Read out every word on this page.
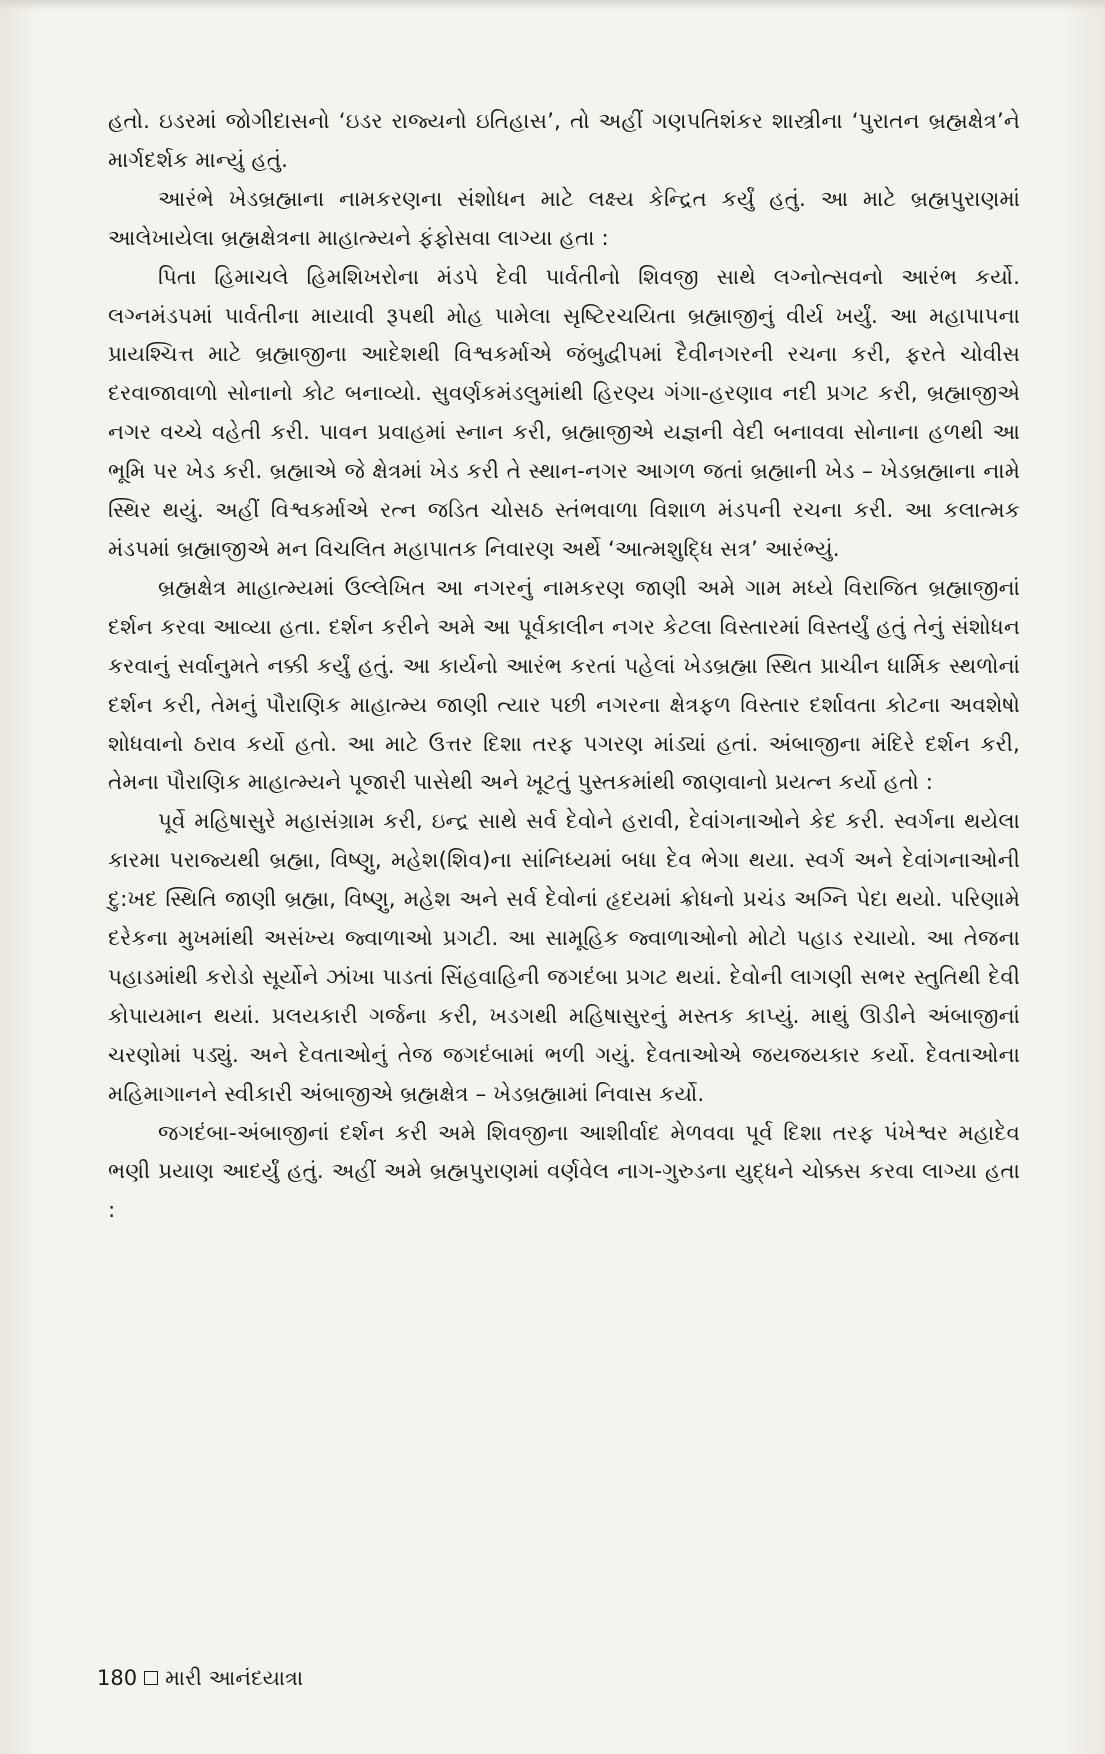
હતો. ઇડરમાં જોગીદાસનો ‘ઇડર રાજ્યનો ઇતિહાસ’, તો અહીં ગણપતિશંકર શાસ્ત્રીના ‘પુરાતન બ્રહ્મક્ષેત્ર’ને માર્ગદર્શક માન્યું હતું.

આરંભે ખેડબ્રહ્માના નામકરણના સંશોધન માટે લક્ષ્ય કેન્દ્રિત કર્યું હતું. આ માટે બ્રહ્મપુરાણમાં આલેખાયેલા બ્રહ્મક્ષેત્રના માહાત્મ્યને ફંફોસવા લાગ્યા હતા :

પિતા હિમાચલે હિમશિખરોના મંડપે દેવી પાર્વતીનો શિવજી સાથે લગ્નોત્સવનો આરંભ કર્યો. લગ્નમંડપમાં પાર્વતીના માયાવી રૂપથી મોહ પામેલા સૃષ્ટિરચયિતા બ્રહ્માજીનું વીર્ય ખર્યું. આ મહાપાપના પ્રાયશ્ચિત્ત માટે બ્રહ્માજીના આદેશથી વિશ્વકર્માએ જંબુદ્વીપમાં દૈવીનગરની રચના કરી, ફરતે ચોવીસ દરવાજાવાળો સોનાનો કોટ બનાવ્યો. સુવર્ણકમંડલુમાંથી હિરણ્ય ગંગા-હરણાવ નદી પ્રગટ કરી, બ્રહ્માજીએ નગર વચ્ચે વહેતી કરી. પાવન પ્રવાહમાં સ્નાન કરી, બ્રહ્માજીએ યજ્ઞની વેદી બનાવવા સોનાના હળથી આ ભૂમિ પર ખેડ કરી. બ્રહ્માએ જે ક્ષેત્રમાં ખેડ કરી તે સ્થાન-નગર આગળ જતાં બ્રહ્માની ખેડ – ખેડબ્રહ્માના નામે સ્થિર થયું. અહીં વિશ્વકર્માએ રત્ન જડિત ચોસઠ સ્તંભવાળા વિશાળ મંડપની રચના કરી. આ કલાત્મક મંડપમાં બ્રહ્માજીએ મન વિચલિત મહાપાતક નિવારણ અર્થે ‘આત્મશુદ્ધિ સત્ર’ આરંભ્યું.

બ્રહ્મક્ષેત્ર માહાત્મ્યમાં ઉલ્લેખિત આ નગરનું નામકરણ જાણી અમે ગામ મધ્યે વિરાજિત બ્રહ્માજીનાં દર્શન કરવા આવ્યા હતા. દર્શન કરીને અમે આ પૂર્વકાલીન નગર કેટલા વિસ્તારમાં વિસ્તર્યું હતું તેનું સંશોધન કરવાનું સર્વાનુમતે નક્કી કર્યું હતું. આ કાર્યનો આરંભ કરતાં પહેલાં ખેડબ્રહ્મા સ્થિત પ્રાચીન ધાર્મિક સ્થળોનાં દર્શન કરી, તેમનું પૌરાણિક માહાત્મ્ય જાણી ત્યાર પછી નગરના ક્ષેત્રફળ વિસ્તાર દર્શાવતા કોટના અવશેષો શોધવાનો ઠરાવ કર્યો હતો. આ માટે ઉત્તર દિશા તરફ પગરણ માંડ્યાં હતાં. અંબાજીના મંદિરે દર્શન કરી, તેમના પૌરાણિક માહાત્મ્યને પૂજારી પાસેથી અને ખૂટતું પુસ્તકમાંથી જાણવાનો પ્રયત્ન કર્યો હતો :

પૂર્વે મહિષાસુરે મહાસંગ્રામ કરી, ઇન્દ્ર સાથે સર્વ દેવોને હરાવી, દેવાંગનાઓને કેદ કરી. સ્વર્ગના થયેલા કારમા પરાજ્યથી બ્રહ્મા, વિષ્ણુ, મહેશ(શિવ)ના સાંનિધ્યમાં બધા દેવ ભેગા થયા. સ્વર્ગ અને દેવાંગનાઓની દુ:ખદ સ્થિતિ જાણી બ્રહ્મા, વિષ્ણુ, મહેશ અને સર્વ દેવોનાં હૃદયમાં ક્રોધનો પ્રચંડ અગ્નિ પેદા થયો. પરિણામે દરેકના મુખમાંથી અસંખ્ય જ્વાળાઓ પ્રગટી. આ સામૂહિક જ્વાળાઓનો મોટો પહાડ રચાયો. આ તેજના પહાડમાંથી કરોડો સૂર્યોને ઝાંખા પાડતાં સિંહવાહિની જગદંબા પ્રગટ થયાં. દેવોની લાગણી સભર સ્તુતિથી દેવી કોપાયમાન થયાં. પ્રલયકારી ગર્જના કરી, ખડગથી મહિષાસુરનું મસ્તક કાપ્યું. માથું ઊડીને અંબાજીનાં ચરણોમાં પડ્યું. અને દેવતાઓનું તેજ જગદંબામાં ભળી ગયું. દેવતાઓએ જયજયકાર કર્યો. દેવતાઓના મહિમાગાનને સ્વીકારી અંબાજીએ બ્રહ્મક્ષેત્ર – ખેડબ્રહ્મામાં નિવાસ કર્યો.

જગદંબા-અંબાજીનાં દર્શન કરી અમે શિવજીના આશીર્વાદ મેળવવા પૂર્વ દિશા તરફ પંખેશ્વર મહાદેવ ભણી પ્રયાણ આદર્યું હતું. અહીં અમે બ્રહ્મપુરાણમાં વર્ણવેલ નાગ-ગુરુડના યુદ્ધને ચોક્કસ કરવા લાગ્યા હતા :

180 મારી આનંદયાત્રા
